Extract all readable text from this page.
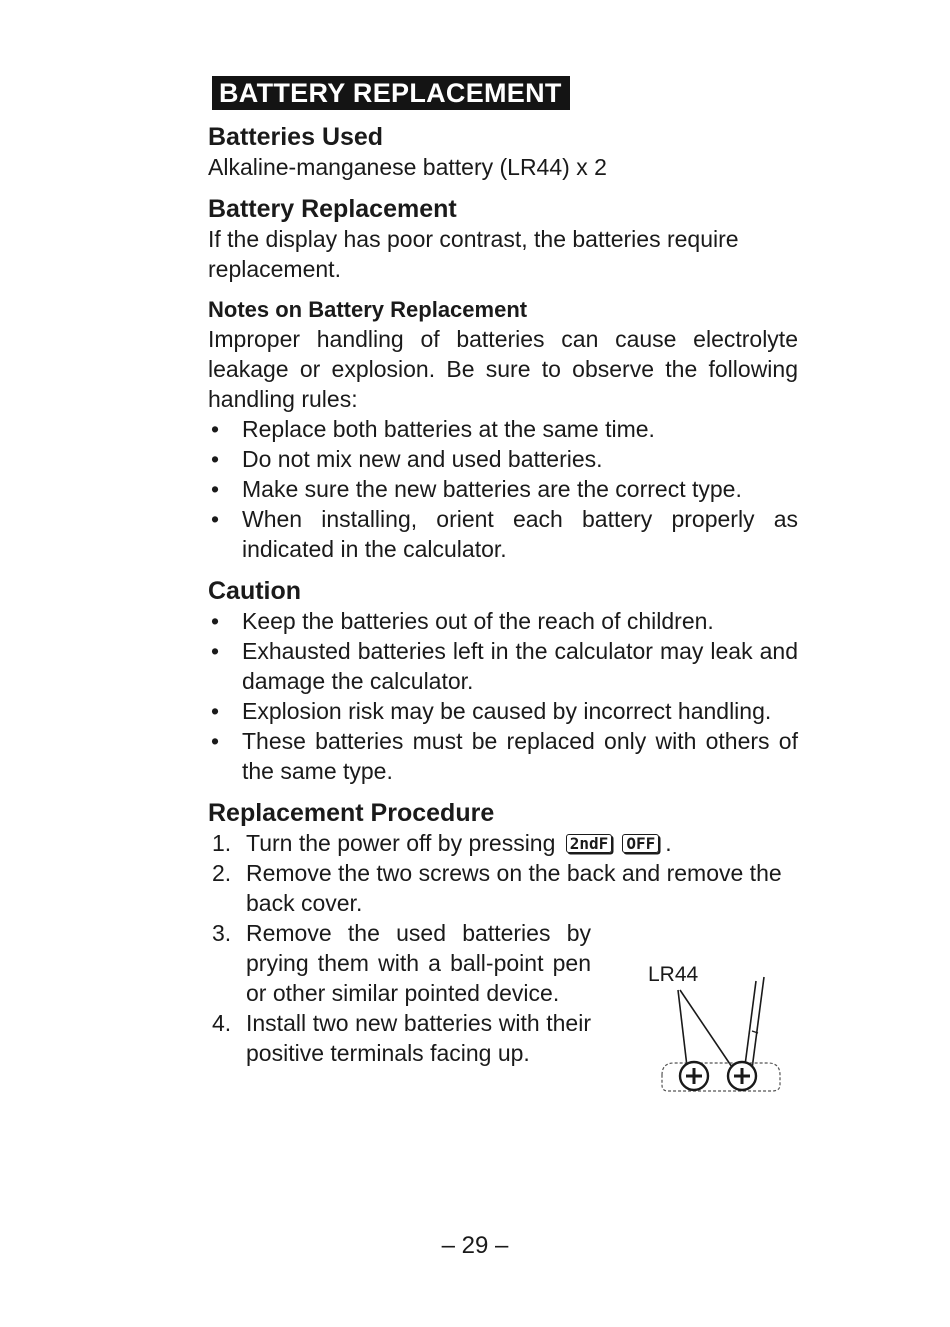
BATTERY REPLACEMENT
Batteries Used

Alkaline-manganese battery (LR44) x 2

Battery Replacement

If the display has poor contrast, the batteries require replacement.

Notes on Battery Replacement

Improper handling of batteries can cause electrolyte leakage or explosion. Be sure to observe the following handling rules:

• Replace both batteries at the same time.
• Do not mix new and used batteries.
• Make sure the new batteries are the correct type.
• When installing, orient each battery properly as indicated in the calculator.
Caution
• Keep the batteries out of the reach of children.
• Exhausted batteries left in the calculator may leak and damage the calculator.
• Explosion risk may be caused by incorrect handling.
• These batteries must be replaced only with others of the same type.
Replacement Procedure
1. Turn the power off by pressing 2ndF OFF .
2. Remove the two screws on the back and remove the back cover.
3. Remove the used batteries by prying them with a ball-point pen or other similar pointed device.
4. Install two new batteries with their positive terminals facing up.
LR44
– 29 –
